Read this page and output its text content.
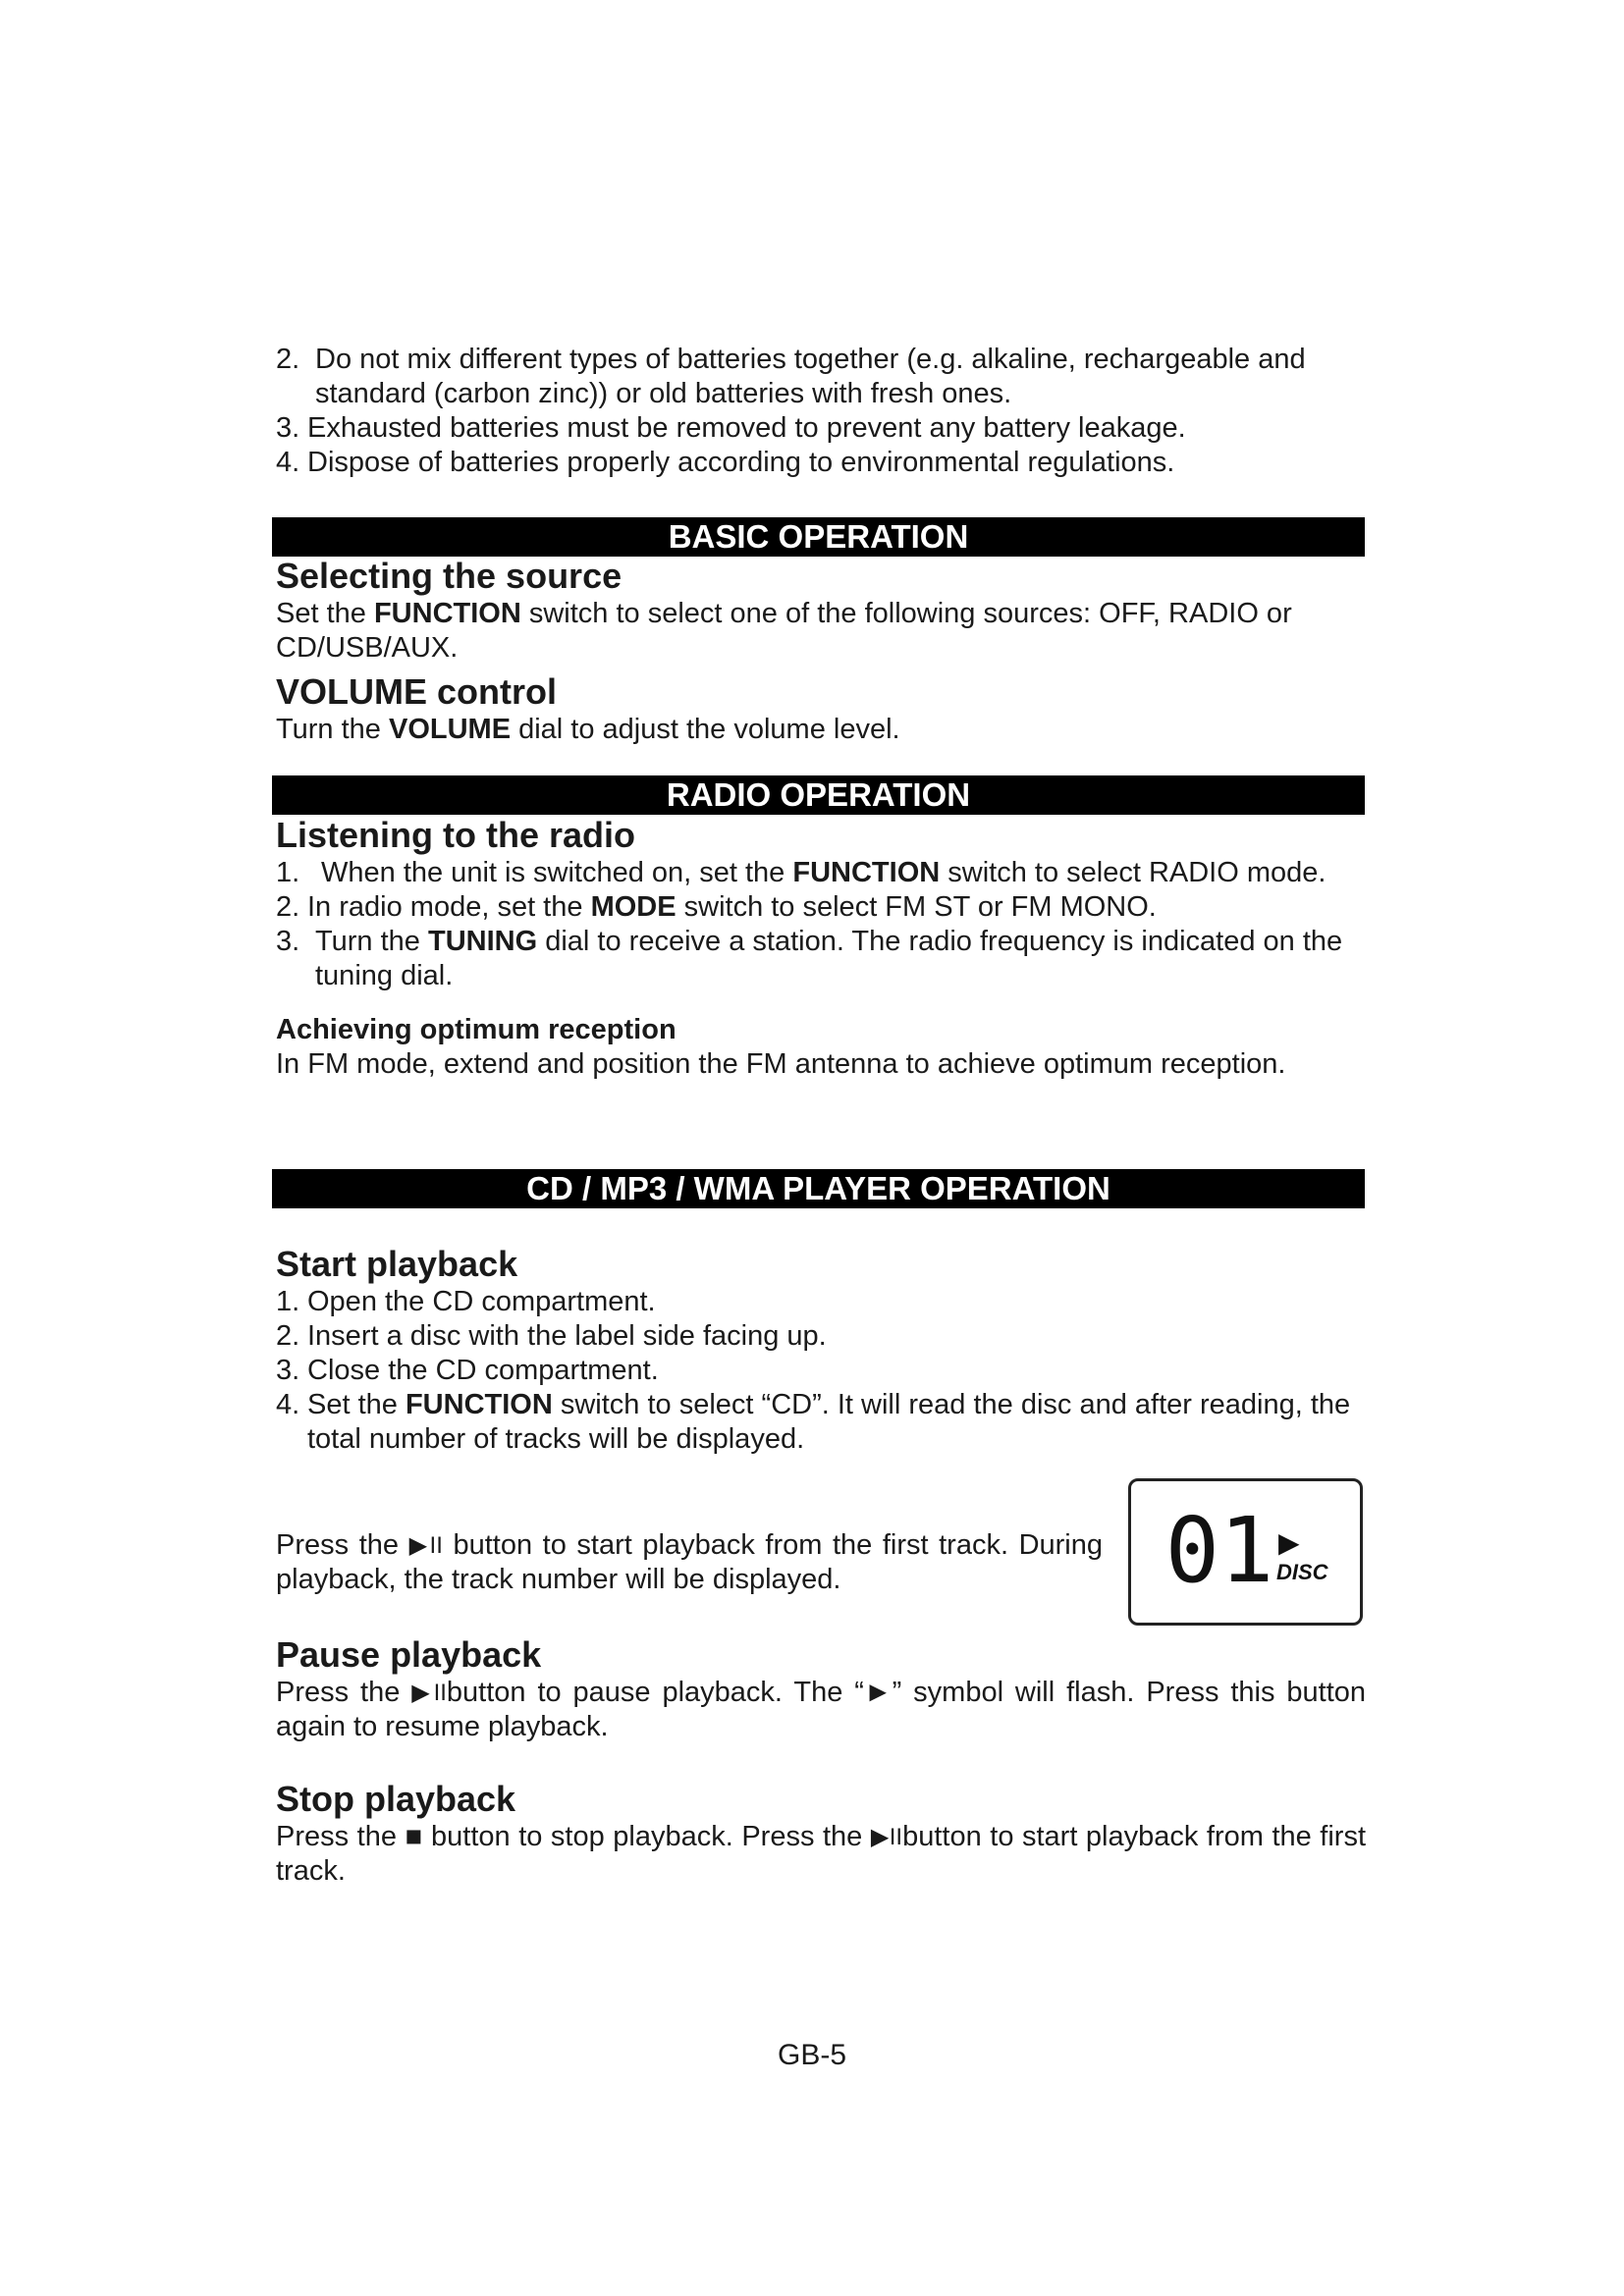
2. Do not mix different types of batteries together (e.g. alkaline, rechargeable and standard (carbon zinc)) or old batteries with fresh ones.
3. Exhausted batteries must be removed to prevent any battery leakage.
4. Dispose of batteries properly according to environmental regulations.
BASIC OPERATION

Selecting the source

Set the FUNCTION switch to select one of the following sources: OFF, RADIO or CD/USB/AUX.

VOLUME control

Turn the VOLUME dial to adjust the volume level.

RADIO OPERATION

Listening to the radio

1. When the unit is switched on, set the FUNCTION switch to select RADIO mode.
2. In radio mode, set the MODE switch to select FM ST or FM MONO.
3. Turn the TUNING dial to receive a station. The radio frequency is indicated on the tuning dial.

Achieving optimum reception

In FM mode, extend and position the FM antenna to achieve optimum reception.

CD / MP3 / WMA PLAYER OPERATION

Start playback

1. Open the CD compartment.
2. Insert a disc with the label side facing up.
3. Close the CD compartment.
4. Set the FUNCTION switch to select “CD”. It will read the disc and after reading, the total number of tracks will be displayed.

Press the ▶II button to start playback from the first track. During playback, the track number will be displayed.	01 ▶
DISC

Pause playback

Press the ▶IIbutton to pause playback. The “►” symbol will flash. Press this button again to resume playback.

Stop playback

Press the ■ button to stop playback. Press the ▶IIbutton to start playback from the first track.

GB-5
